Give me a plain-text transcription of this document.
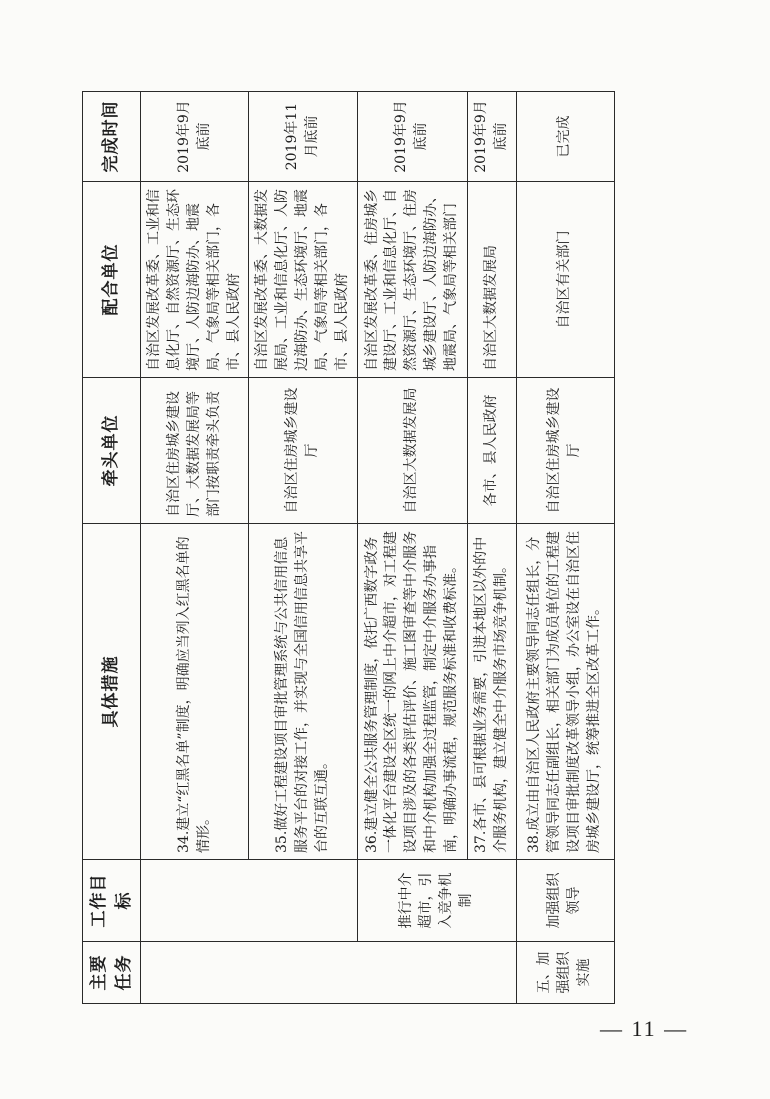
主要任务	工作目标	具体措施	牵头单位	配合单位	完成时间
		34.建立“红黑名单”制度，明确应当列入红黑名单的情形。	自治区住房城乡建设厅、大数据发展局等部门按职责牵头负责	自治区发展改革委、工业和信息化厅、自然资源厅、生态环境厅、人防边海防办、地震局、气象局等相关部门，各市、县人民政府	2019年9月底前
		35.做好工程建设项目审批管理系统与公共信用信息服务平台的对接工作，并实现与全国信用信息共享平台的互联互通。	自治区住房城乡建设厅	自治区发展改革委、大数据发展局、工业和信息化厅、人防边海防办、生态环境厅、地震局、气象局等相关部门，各市、县人民政府	2019年11月底前
	推行中介超市，引入竞争机制	36.建立健全公共服务管理制度，依托广西数字政务一体化平台建设全区统一的网上中介超市，对工程建设项目涉及的各类评估评价、施工图审查等中介服务和中介机构加强全过程监管，制定中介服务办事指南，明确办事流程，规范服务标准和收费标准。	自治区大数据发展局	自治区发展改革委、住房城乡建设厅、工业和信息化厅、自然资源厅、生态环境厅、住房城乡建设厅、人防边海防办、地震局、气象局等相关部门	2019年9月底前
		37.各市、县可根据业务需要，引进本地区以外的中介服务机构，建立健全中介服务市场竞争机制。	各市、县人民政府	自治区大数据发展局	2019年9月底前
五、加强组织实施	加强组织领导	38.成立由自治区人民政府主要领导同志任组长，分管领导同志任副组长，相关部门为成员单位的工程建设项目审批制度改革领导小组，办公室设在自治区住房城乡建设厅，统筹推进全区改革工作。	自治区住房城乡建设厅	自治区有关部门	已完成
— 11 —
